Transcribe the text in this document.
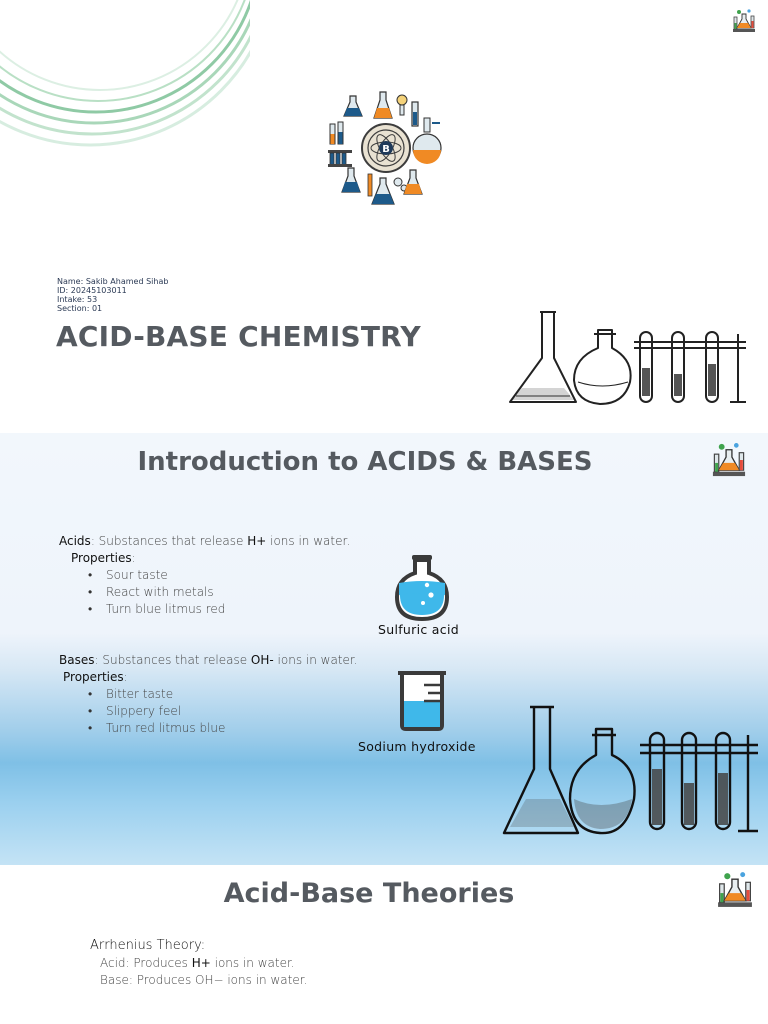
B
Name: Sakib Ahamed Sihab
ID: 20245103011
Intake: 53
Section: 01
ACID-BASE CHEMISTRY
Introduction to ACIDS & BASES
Acids: Substances that release H+ ions in water.
Properties:
• Sour taste
• React with metals
• Turn blue litmus red
Bases: Substances that release OH- ions in water.
Properties:
• Bitter taste
• Slippery feel
• Turn red litmus blue
Sulfuric acid
Sodium hydroxide
Acid-Base Theories
Arrhenius Theory:
Acid: Produces H+ ions in water.
Base: Produces OH− ions in water.
